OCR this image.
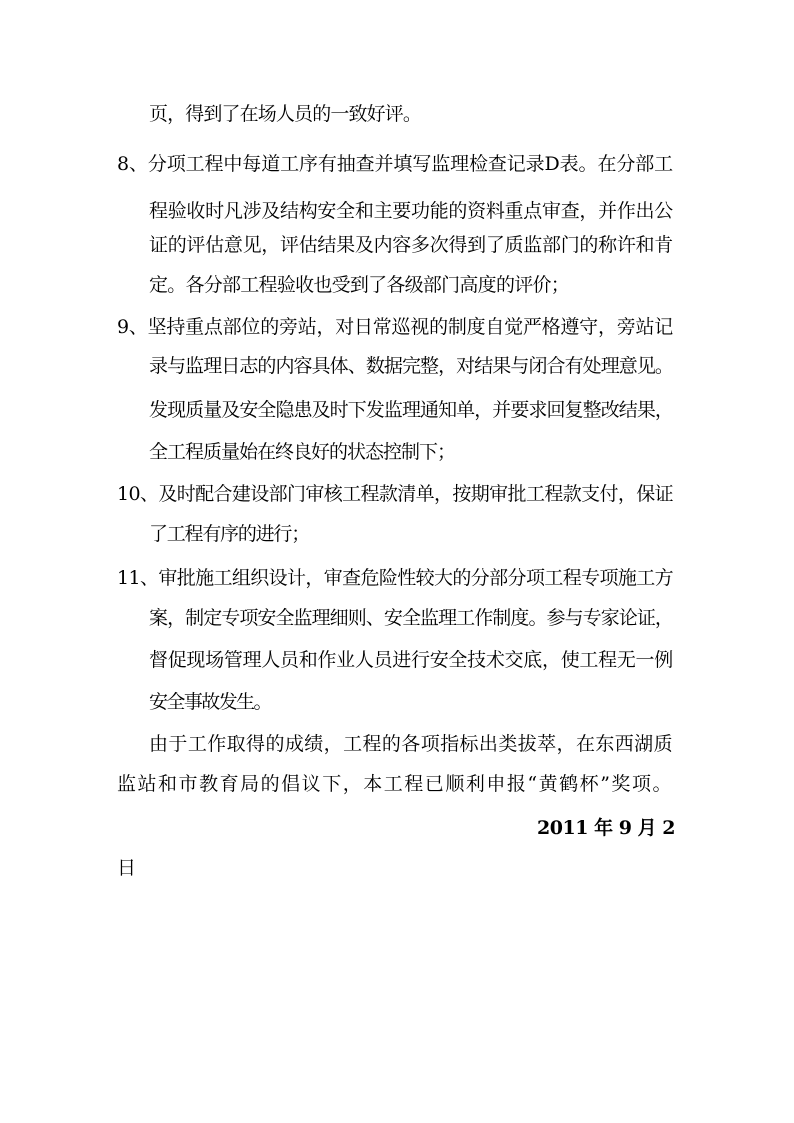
页，得到了在场人员的一致好评。
8、分项工程中每道工序有抽查并填写监理检查记录D表。在分部工
程验收时凡涉及结构安全和主要功能的资料重点审查，并作出公
证的评估意见，评估结果及内容多次得到了质监部门的称许和肯
定。各分部工程验收也受到了各级部门高度的评价；
9、坚持重点部位的旁站，对日常巡视的制度自觉严格遵守，旁站记
录与监理日志的内容具体、数据完整，对结果与闭合有处理意见。
发现质量及安全隐患及时下发监理通知单，并要求回复整改结果，
全工程质量始在终良好的状态控制下；
10、及时配合建设部门审核工程款清单，按期审批工程款支付，保证
了工程有序的进行；
11、审批施工组织设计，审查危险性较大的分部分项工程专项施工方
案，制定专项安全监理细则、安全监理工作制度。参与专家论证，
督促现场管理人员和作业人员进行安全技术交底，使工程无一例
安全事故发生。
由于工作取得的成绩，工程的各项指标出类拔萃，在东西湖质
监站和市教育局的倡议下，本工程已顺利申报“黄鹤杯”奖项。
2011 年 9 月 2
日
